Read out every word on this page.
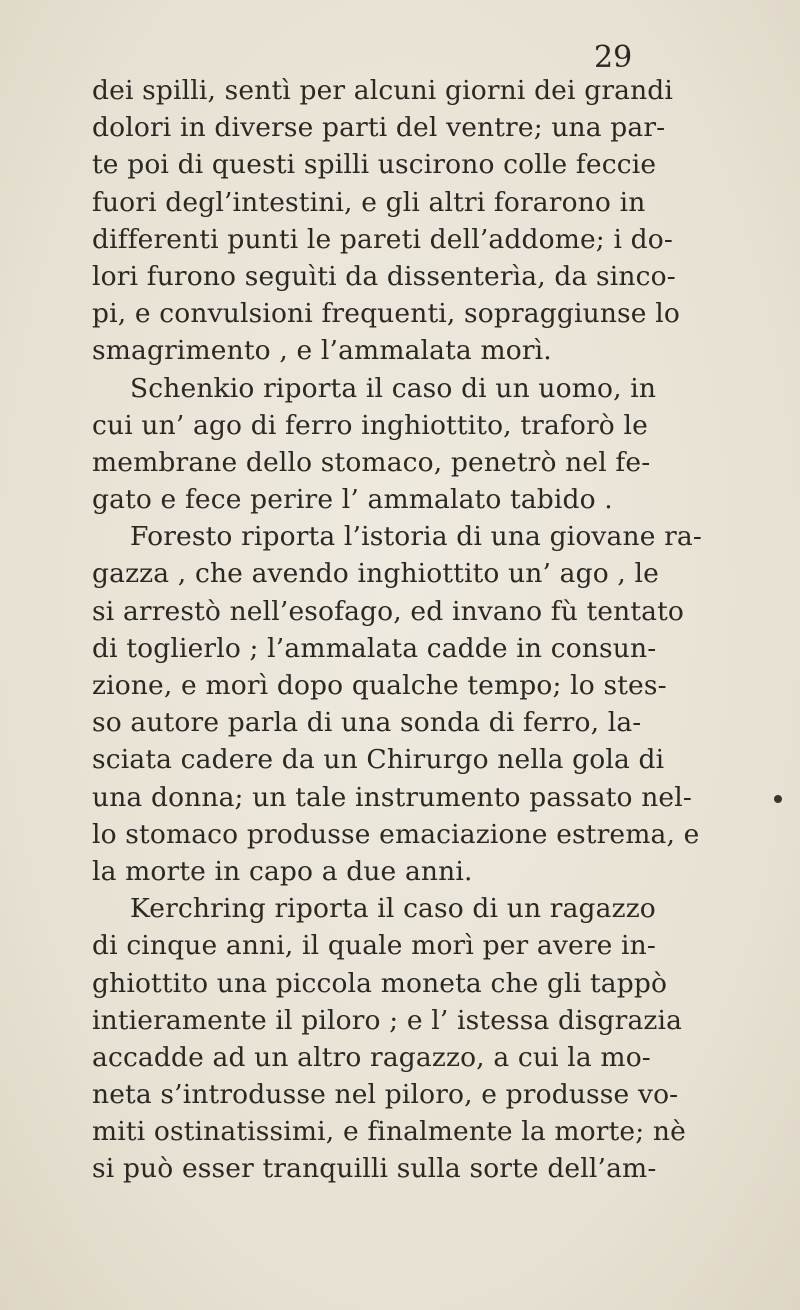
29
dei spilli, sentì per alcuni giorni dei grandi
dolori in diverse parti del ventre; una par-
te poi di questi spilli uscirono colle feccie
fuori degl’intestini, e gli altri forarono in
differenti punti le pareti dell’addome; i do-
lori furono seguìti da dissenterìa, da sinco-
pi, e convulsioni frequenti, sopraggiunse lo
smagrimento , e l’ammalata morì.
Schenkio riporta il caso di un uomo, in
cui un’ ago di ferro inghiottito, traforò le
membrane dello stomaco, penetrò nel fe-
gato e fece perire l’ ammalato tabido .
Foresto riporta l’istoria di una giovane ra-
gazza , che avendo inghiottito un’ ago , le
si arrestò nell’esofago, ed invano fù tentato
di toglierlo ; l’ammalata cadde in consun-
zione, e morì dopo qualche tempo; lo stes-
so autore parla di una sonda di ferro, la-
sciata cadere da un Chirurgo nella gola di
una donna; un tale instrumento passato nel-
lo stomaco produsse emaciazione estrema, e
la morte in capo a due anni.
Kerchring riporta il caso di un ragazzo
di cinque anni, il quale morì per avere in-
ghiottito una piccola moneta che gli tappò
intieramente il piloro ; e l’ istessa disgrazia
accadde ad un altro ragazzo, a cui la mo-
neta s’introdusse nel piloro, e produsse vo-
miti ostinatissimi, e finalmente la morte; nè
si può esser tranquilli sulla sorte dell’am-
